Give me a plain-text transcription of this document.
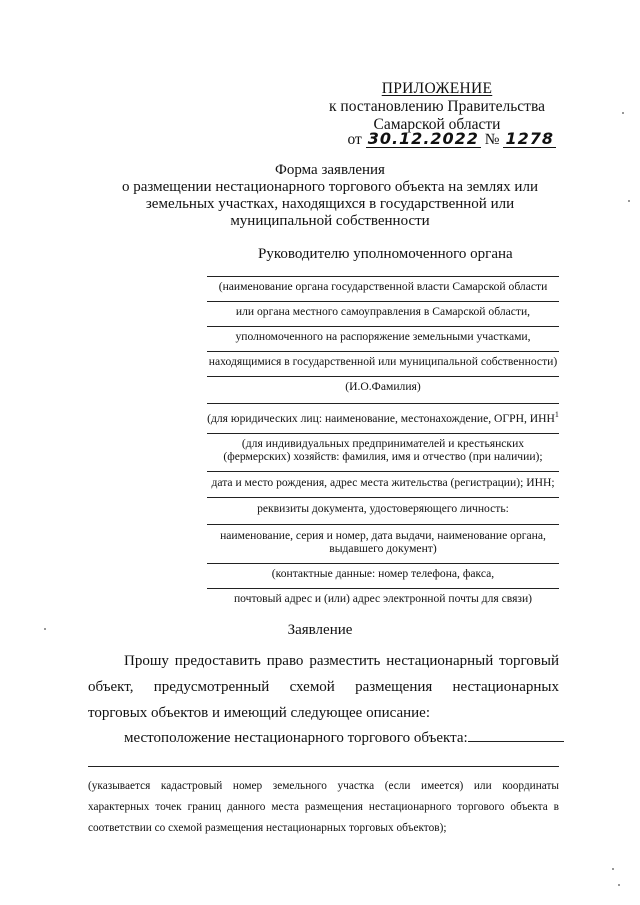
ПРИЛОЖЕНИЕ
к постановлению Правительства
Самарской области
от 30.12.2022 № 1278
Форма заявления
о размещении нестационарного торгового объекта на землях или
земельных участках, находящихся в государственной или
муниципальной собственности
Руководителю уполномоченного органа
(наименование органа государственной власти Самарской области
или органа местного самоуправления в Самарской области,
уполномоченного на распоряжение земельными участками,
находящимися в государственной или муниципальной собственности)
(И.О.Фамилия)
(для юридических лиц: наименование, местонахождение, ОГРН, ИНН$^1$
(для индивидуальных предпринимателей и крестьянских (фермерских) хозяйств: фамилия, имя и отчество (при наличии);
дата и место рождения, адрес места жительства (регистрации); ИНН;
реквизиты документа, удостоверяющего личность:
наименование, серия и номер, дата выдачи, наименование органа, выдавшего документ)
(контактные данные: номер телефона, факса,
почтовый адрес и (или) адрес электронной почты для связи)
Заявление
Прошу предоставить право разместить нестационарный торговый
объект, предусмотренный схемой размещения нестационарных
торговых объектов и имеющий следующее описание:
местоположение нестационарного торгового объекта:
(указывается кадастровый номер земельного участка (если имеется) или координаты
характерных точек границ данного места размещения нестационарного торгового объекта в
соответствии со схемой размещения нестационарных торговых объектов);
